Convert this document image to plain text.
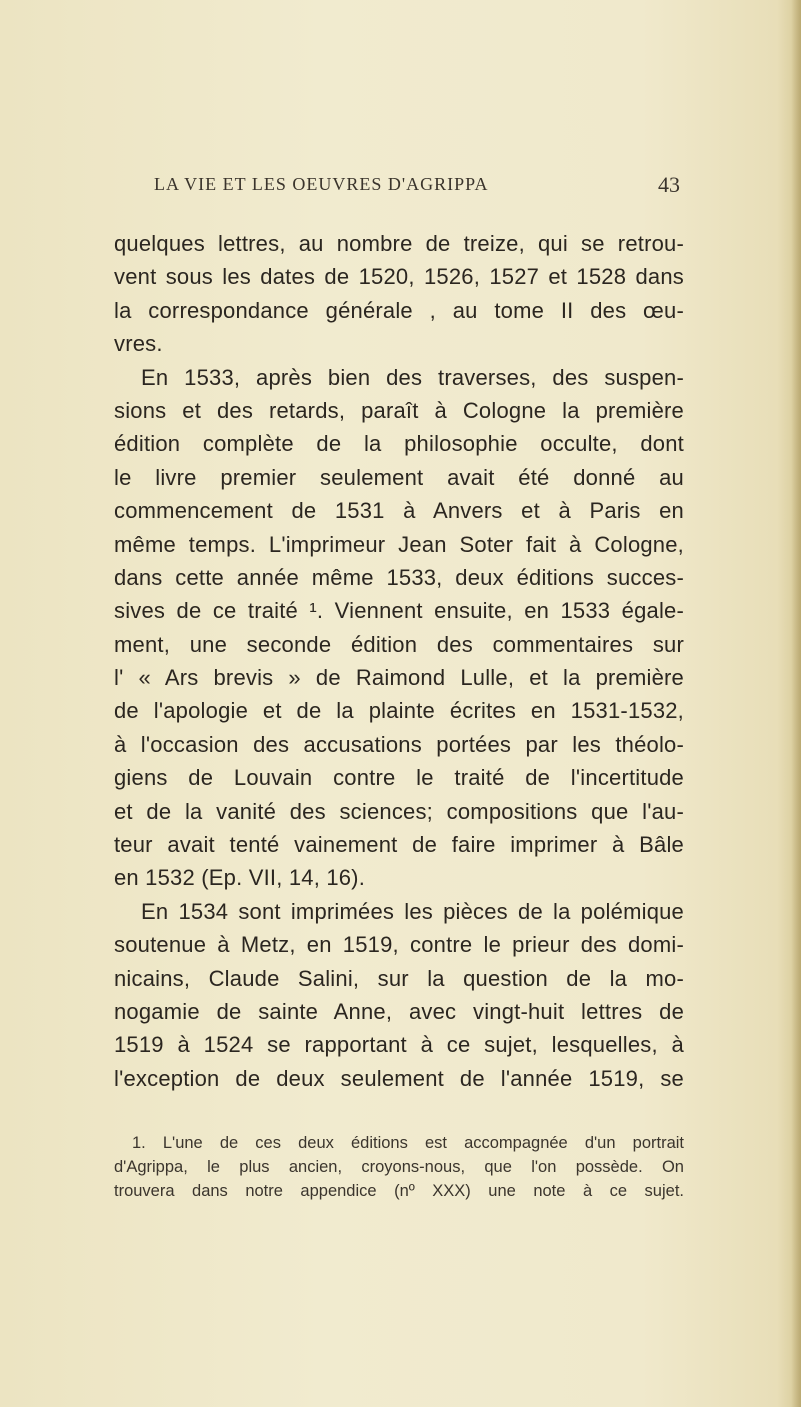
LA VIE ET LES OEUVRES D'AGRIPPA	43
quelques lettres, au nombre de treize, qui se retrou-
vent sous les dates de 1520, 1526, 1527 et 1528 dans
la correspondance générale , au tome II des œu-
vres.
En 1533, après bien des traverses, des suspen-
sions et des retards, paraît à Cologne la première
édition complète de la philosophie occulte, dont
le livre premier seulement avait été donné au
commencement de 1531 à Anvers et à Paris en
même temps. L'imprimeur Jean Soter fait à Cologne,
dans cette année même 1533, deux éditions succes-
sives de ce traité ¹. Viennent ensuite, en 1533 égale-
ment, une seconde édition des commentaires sur
l' « Ars brevis » de Raimond Lulle, et la première
de l'apologie et de la plainte écrites en 1531-1532,
à l'occasion des accusations portées par les théolo-
giens de Louvain contre le traité de l'incertitude
et de la vanité des sciences; compositions que l'au-
teur avait tenté vainement de faire imprimer à Bâle
en 1532 (Ep. VII, 14, 16).
En 1534 sont imprimées les pièces de la polémique
soutenue à Metz, en 1519, contre le prieur des domi-
nicains, Claude Salini, sur la question de la mo-
nogamie de sainte Anne, avec vingt-huit lettres de
1519 à 1524 se rapportant à ce sujet, lesquelles, à
l'exception de deux seulement de l'année 1519, se
1. L'une de ces deux éditions est accompagnée d'un portrait
d'Agrippa, le plus ancien, croyons-nous, que l'on possède. On
trouvera dans notre appendice (nº XXX) une note à ce sujet.
